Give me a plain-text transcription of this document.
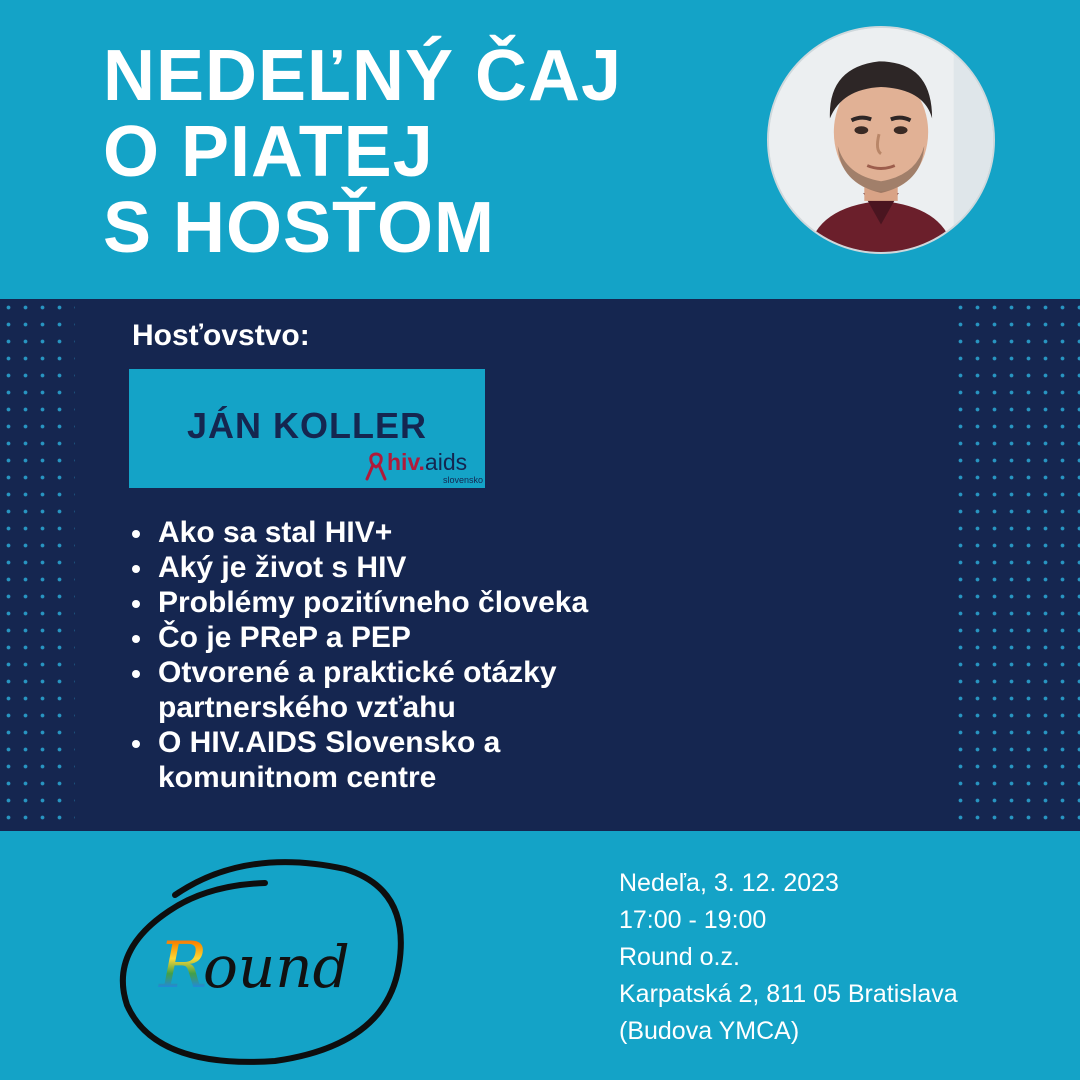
NEDEĽNÝ ČAJ
O PIATEJ
S HOSŤOM
Hosťovstvo:
JÁN KOLLER
hiv.aids
slovensko
Ako sa stal HIV+
Aký je život s HIV
Problémy pozitívneho človeka
Čo je PReP a PEP
Otvorené a praktické otázky partnerského vzťahu
O HIV.AIDS Slovensko a komunitnom centre
R
ound
Nedeľa, 3. 12. 2023
17:00 - 19:00
Round o.z.
Karpatská 2, 811 05 Bratislava
(Budova YMCA)
